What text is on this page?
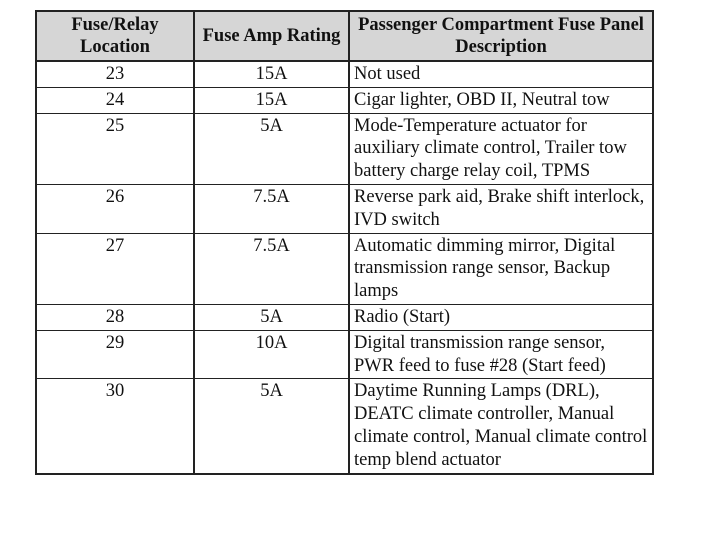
Fuse/Relay Location	Fuse Amp Rating	Passenger Compartment Fuse Panel Description
23	15A	Not used
24	15A	Cigar lighter, OBD II, Neutral tow
25	5A	Mode-Temperature actuator for auxiliary climate control, Trailer tow battery charge relay coil, TPMS
26	7.5A	Reverse park aid, Brake shift interlock, IVD switch
27	7.5A	Automatic dimming mirror, Digital transmission range sensor, Backup lamps
28	5A	Radio (Start)
29	10A	Digital transmission range sensor, PWR feed to fuse #28 (Start feed)
30	5A	Daytime Running Lamps (DRL), DEATC climate controller, Manual climate control, Manual climate control temp blend actuator
